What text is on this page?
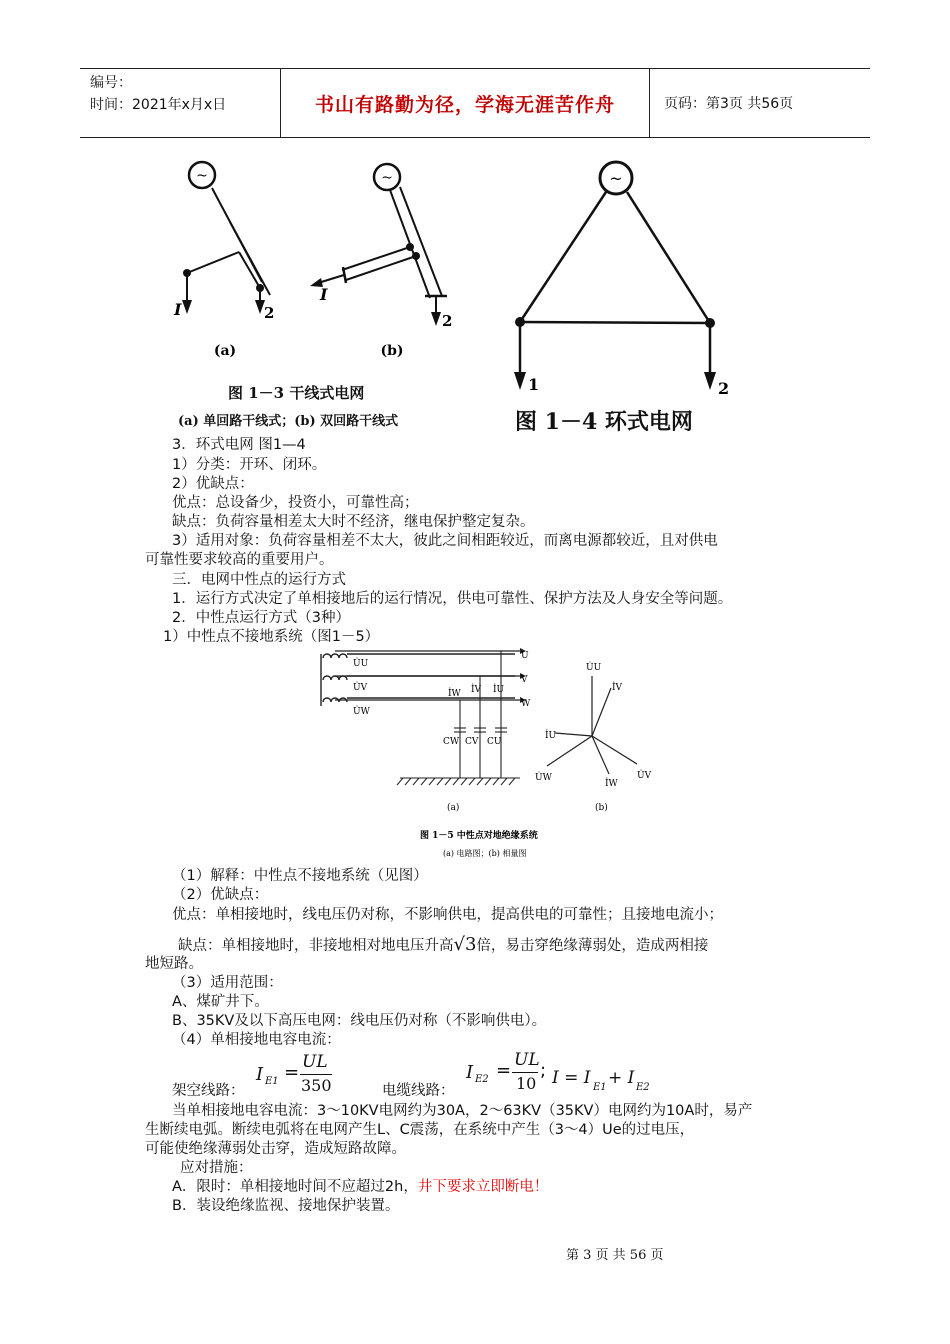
编号：
时间：2021年x月x日	书山有路勤为径，学海无涯苦作舟	页码：第3页 共56页
~
I	2
(a)
~
2
I
(b)
图 1－3 干线式电网
(a) 单回路干线式；(b) 双回路干线式
~
1	2
图 1－4 环式电网
3．环式电网 图1—4
1）分类：开环、闭环。
2）优缺点：
优点：总设备少，投资小，可靠性高；
缺点：负荷容量相差太大时不经济，继电保护整定复杂。
3）适用对象：负荷容量相差不太大，彼此之间相距较近，而离电源都较近，且对供电
可靠性要求较高的重要用户。
三．电网中性点的运行方式
1．运行方式决定了单相接地后的运行情况，供电可靠性、保护方法及人身安全等问题。
2．中性点运行方式（3种）
1）中性点不接地系统（图1－5）
U
V
W
U̇U
U̇V
U̇W
İW İV İU
CW CV CU
(a)
U̇U
İV
İU
U̇W
İW
U̇V
(b)
图 1－5 中性点对地绝缘系统
(a) 电路图；(b) 相量图
（1）解释：中性点不接地系统（见图）
（2）优缺点：
优点：单相接地时，线电压仍对称，不影响供电，提高供电的可靠性；且接地电流小；
缺点：单相接地时，非接地相对地电压升高√3倍，易击穿绝缘薄弱处，造成两相接
地短路。
（3）适用范围：
A、煤矿井下。
B、35KV及以下高压电网：线电压仍对称（不影响供电）。
（4）单相接地电容电流：
架空线路：
I E1 = UL
350	电缆线路：
I E2 = UL
10
; I = I E1 + I E2
当单相接地电容电流：3～10KV电网约为30A，2～63KV（35KV）电网约为10A时，易产
生断续电弧。断续电弧将在电网产生L、C震荡，在系统中产生（3～4）Ue的过电压，
可能使绝缘薄弱处击穿，造成短路故障。
应对措施：
A．限时：单相接地时间不应超过2h，井下要求立即断电！
B．装设绝缘监视、接地保护装置。
第 3 页 共 56 页
